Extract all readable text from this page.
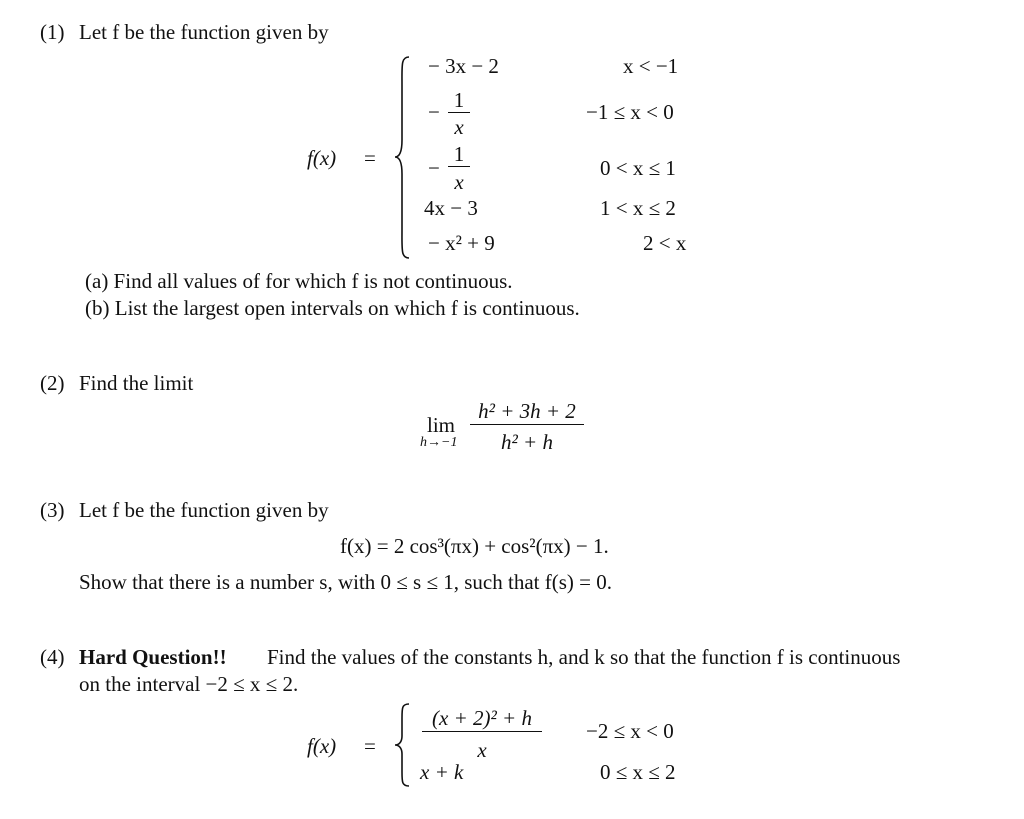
(1) Let f be the function given by
f(x) =
− 3x − 2	x < −1
− 1
x
−1 ≤ x < 0
−
1
x
0 < x ≤ 1
4x − 3	1 < x ≤ 2
− x² + 9	2 < x
(a) Find all values of for which f is not continuous.
(b) List the largest open intervals on which f is continuous.
(2) Find the limit
lim
h→−1
h² + 3h + 2
h² + h
(3) Let f be the function given by
f(x) = 2 cos³(πx) + cos²(πx) − 1.
Show that there is a number s, with 0 ≤ s ≤ 1, such that f(s) = 0.
(4) Hard Question!! Find the values of the constants h, and k so that the function f is continuous
on the interval −2 ≤ x ≤ 2.
f(x) =
(x + 2)² + h
x
−2 ≤ x < 0
x + k	0 ≤ x ≤ 2
